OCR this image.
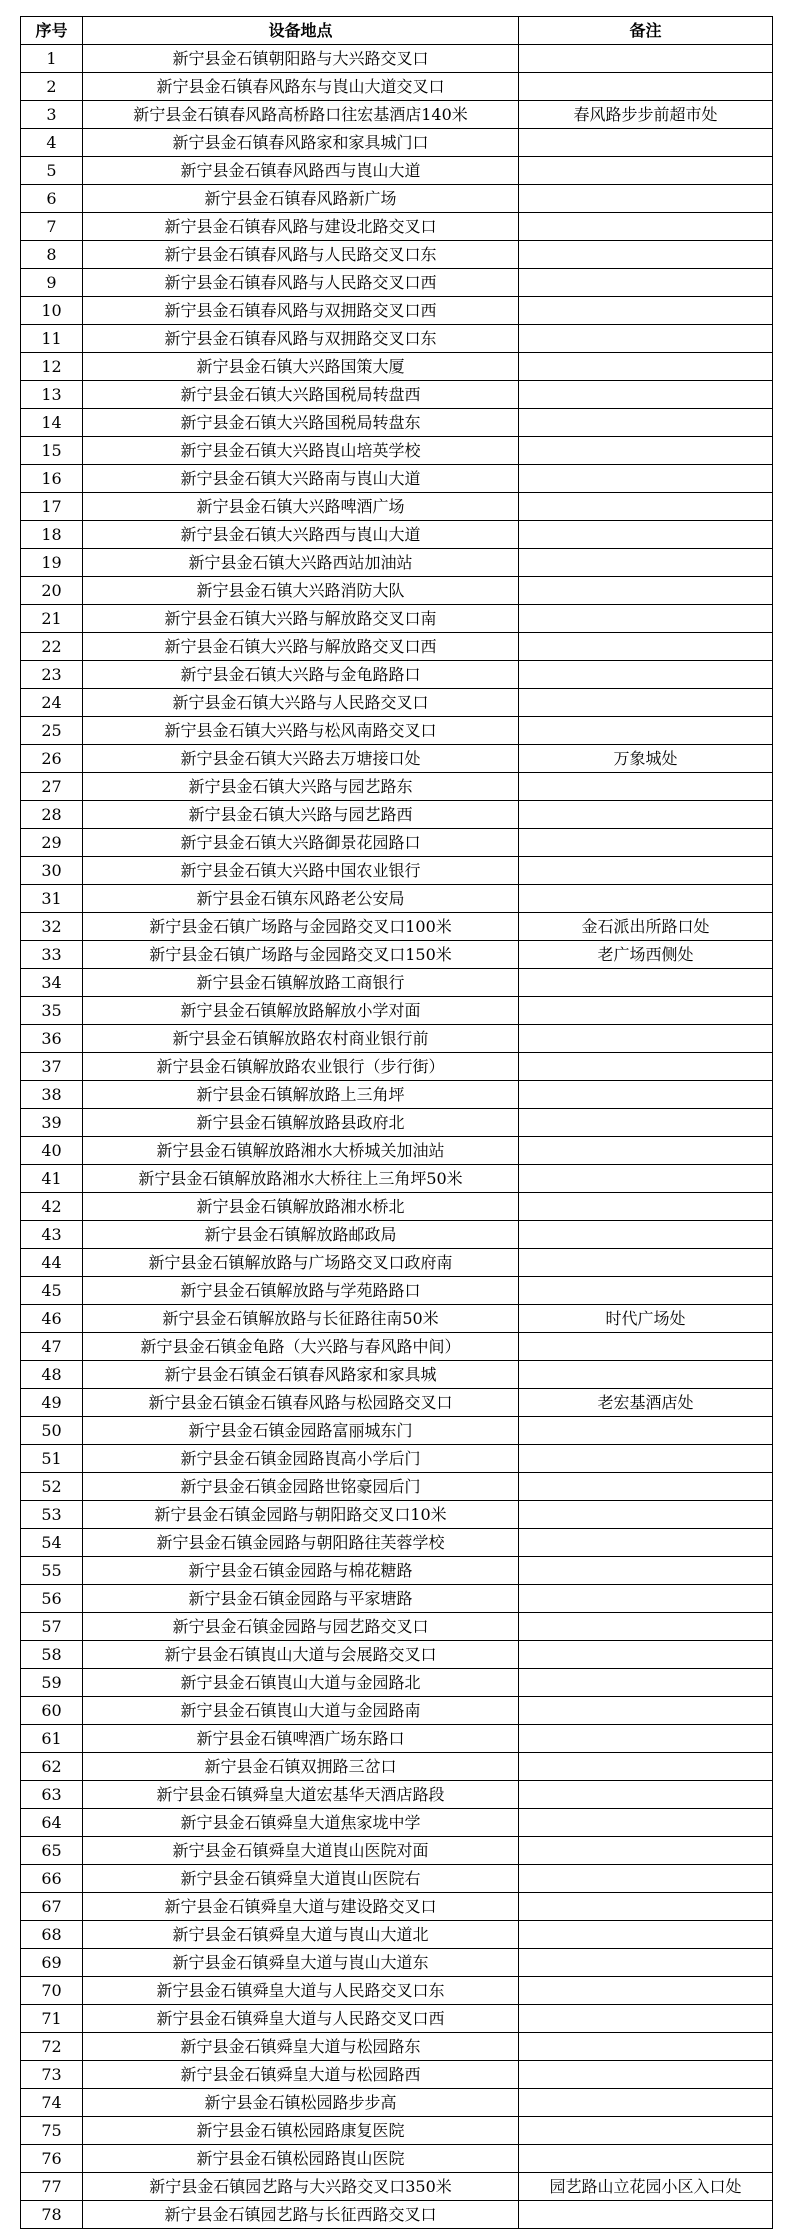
序号	设备地点	备注
1	新宁县金石镇朝阳路与大兴路交叉口	
2	新宁县金石镇春风路东与崀山大道交叉口	
3	新宁县金石镇春风路高桥路口往宏基酒店140米	春风路步步前超市处
4	新宁县金石镇春风路家和家具城门口	
5	新宁县金石镇春风路西与崀山大道	
6	新宁县金石镇春风路新广场	
7	新宁县金石镇春风路与建设北路交叉口	
8	新宁县金石镇春风路与人民路交叉口东	
9	新宁县金石镇春风路与人民路交叉口西	
10	新宁县金石镇春风路与双拥路交叉口西	
11	新宁县金石镇春风路与双拥路交叉口东	
12	新宁县金石镇大兴路国策大厦	
13	新宁县金石镇大兴路国税局转盘西	
14	新宁县金石镇大兴路国税局转盘东	
15	新宁县金石镇大兴路崀山培英学校	
16	新宁县金石镇大兴路南与崀山大道	
17	新宁县金石镇大兴路啤酒广场	
18	新宁县金石镇大兴路西与崀山大道	
19	新宁县金石镇大兴路西站加油站	
20	新宁县金石镇大兴路消防大队	
21	新宁县金石镇大兴路与解放路交叉口南	
22	新宁县金石镇大兴路与解放路交叉口西	
23	新宁县金石镇大兴路与金龟路路口	
24	新宁县金石镇大兴路与人民路交叉口	
25	新宁县金石镇大兴路与松风南路交叉口	
26	新宁县金石镇大兴路去万塘接口处	万象城处
27	新宁县金石镇大兴路与园艺路东	
28	新宁县金石镇大兴路与园艺路西	
29	新宁县金石镇大兴路御景花园路口	
30	新宁县金石镇大兴路中国农业银行	
31	新宁县金石镇东风路老公安局	
32	新宁县金石镇广场路与金园路交叉口100米	金石派出所路口处
33	新宁县金石镇广场路与金园路交叉口150米	老广场西侧处
34	新宁县金石镇解放路工商银行	
35	新宁县金石镇解放路解放小学对面	
36	新宁县金石镇解放路农村商业银行前	
37	新宁县金石镇解放路农业银行（步行街）	
38	新宁县金石镇解放路上三角坪	
39	新宁县金石镇解放路县政府北	
40	新宁县金石镇解放路湘水大桥城关加油站	
41	新宁县金石镇解放路湘水大桥往上三角坪50米	
42	新宁县金石镇解放路湘水桥北	
43	新宁县金石镇解放路邮政局	
44	新宁县金石镇解放路与广场路交叉口政府南	
45	新宁县金石镇解放路与学苑路路口	
46	新宁县金石镇解放路与长征路往南50米	时代广场处
47	新宁县金石镇金龟路（大兴路与春风路中间）	
48	新宁县金石镇金石镇春风路家和家具城	
49	新宁县金石镇金石镇春风路与松园路交叉口	老宏基酒店处
50	新宁县金石镇金园路富丽城东门	
51	新宁县金石镇金园路崀高小学后门	
52	新宁县金石镇金园路世铭豪园后门	
53	新宁县金石镇金园路与朝阳路交叉口10米	
54	新宁县金石镇金园路与朝阳路往芙蓉学校	
55	新宁县金石镇金园路与棉花糖路	
56	新宁县金石镇金园路与平家塘路	
57	新宁县金石镇金园路与园艺路交叉口	
58	新宁县金石镇崀山大道与会展路交叉口	
59	新宁县金石镇崀山大道与金园路北	
60	新宁县金石镇崀山大道与金园路南	
61	新宁县金石镇啤酒广场东路口	
62	新宁县金石镇双拥路三岔口	
63	新宁县金石镇舜皇大道宏基华天酒店路段	
64	新宁县金石镇舜皇大道焦家垅中学	
65	新宁县金石镇舜皇大道崀山医院对面	
66	新宁县金石镇舜皇大道崀山医院右	
67	新宁县金石镇舜皇大道与建设路交叉口	
68	新宁县金石镇舜皇大道与崀山大道北	
69	新宁县金石镇舜皇大道与崀山大道东	
70	新宁县金石镇舜皇大道与人民路交叉口东	
71	新宁县金石镇舜皇大道与人民路交叉口西	
72	新宁县金石镇舜皇大道与松园路东	
73	新宁县金石镇舜皇大道与松园路西	
74	新宁县金石镇松园路步步高	
75	新宁县金石镇松园路康复医院	
76	新宁县金石镇松园路崀山医院	
77	新宁县金石镇园艺路与大兴路交叉口350米	园艺路山立花园小区入口处
78	新宁县金石镇园艺路与长征西路交叉口	
